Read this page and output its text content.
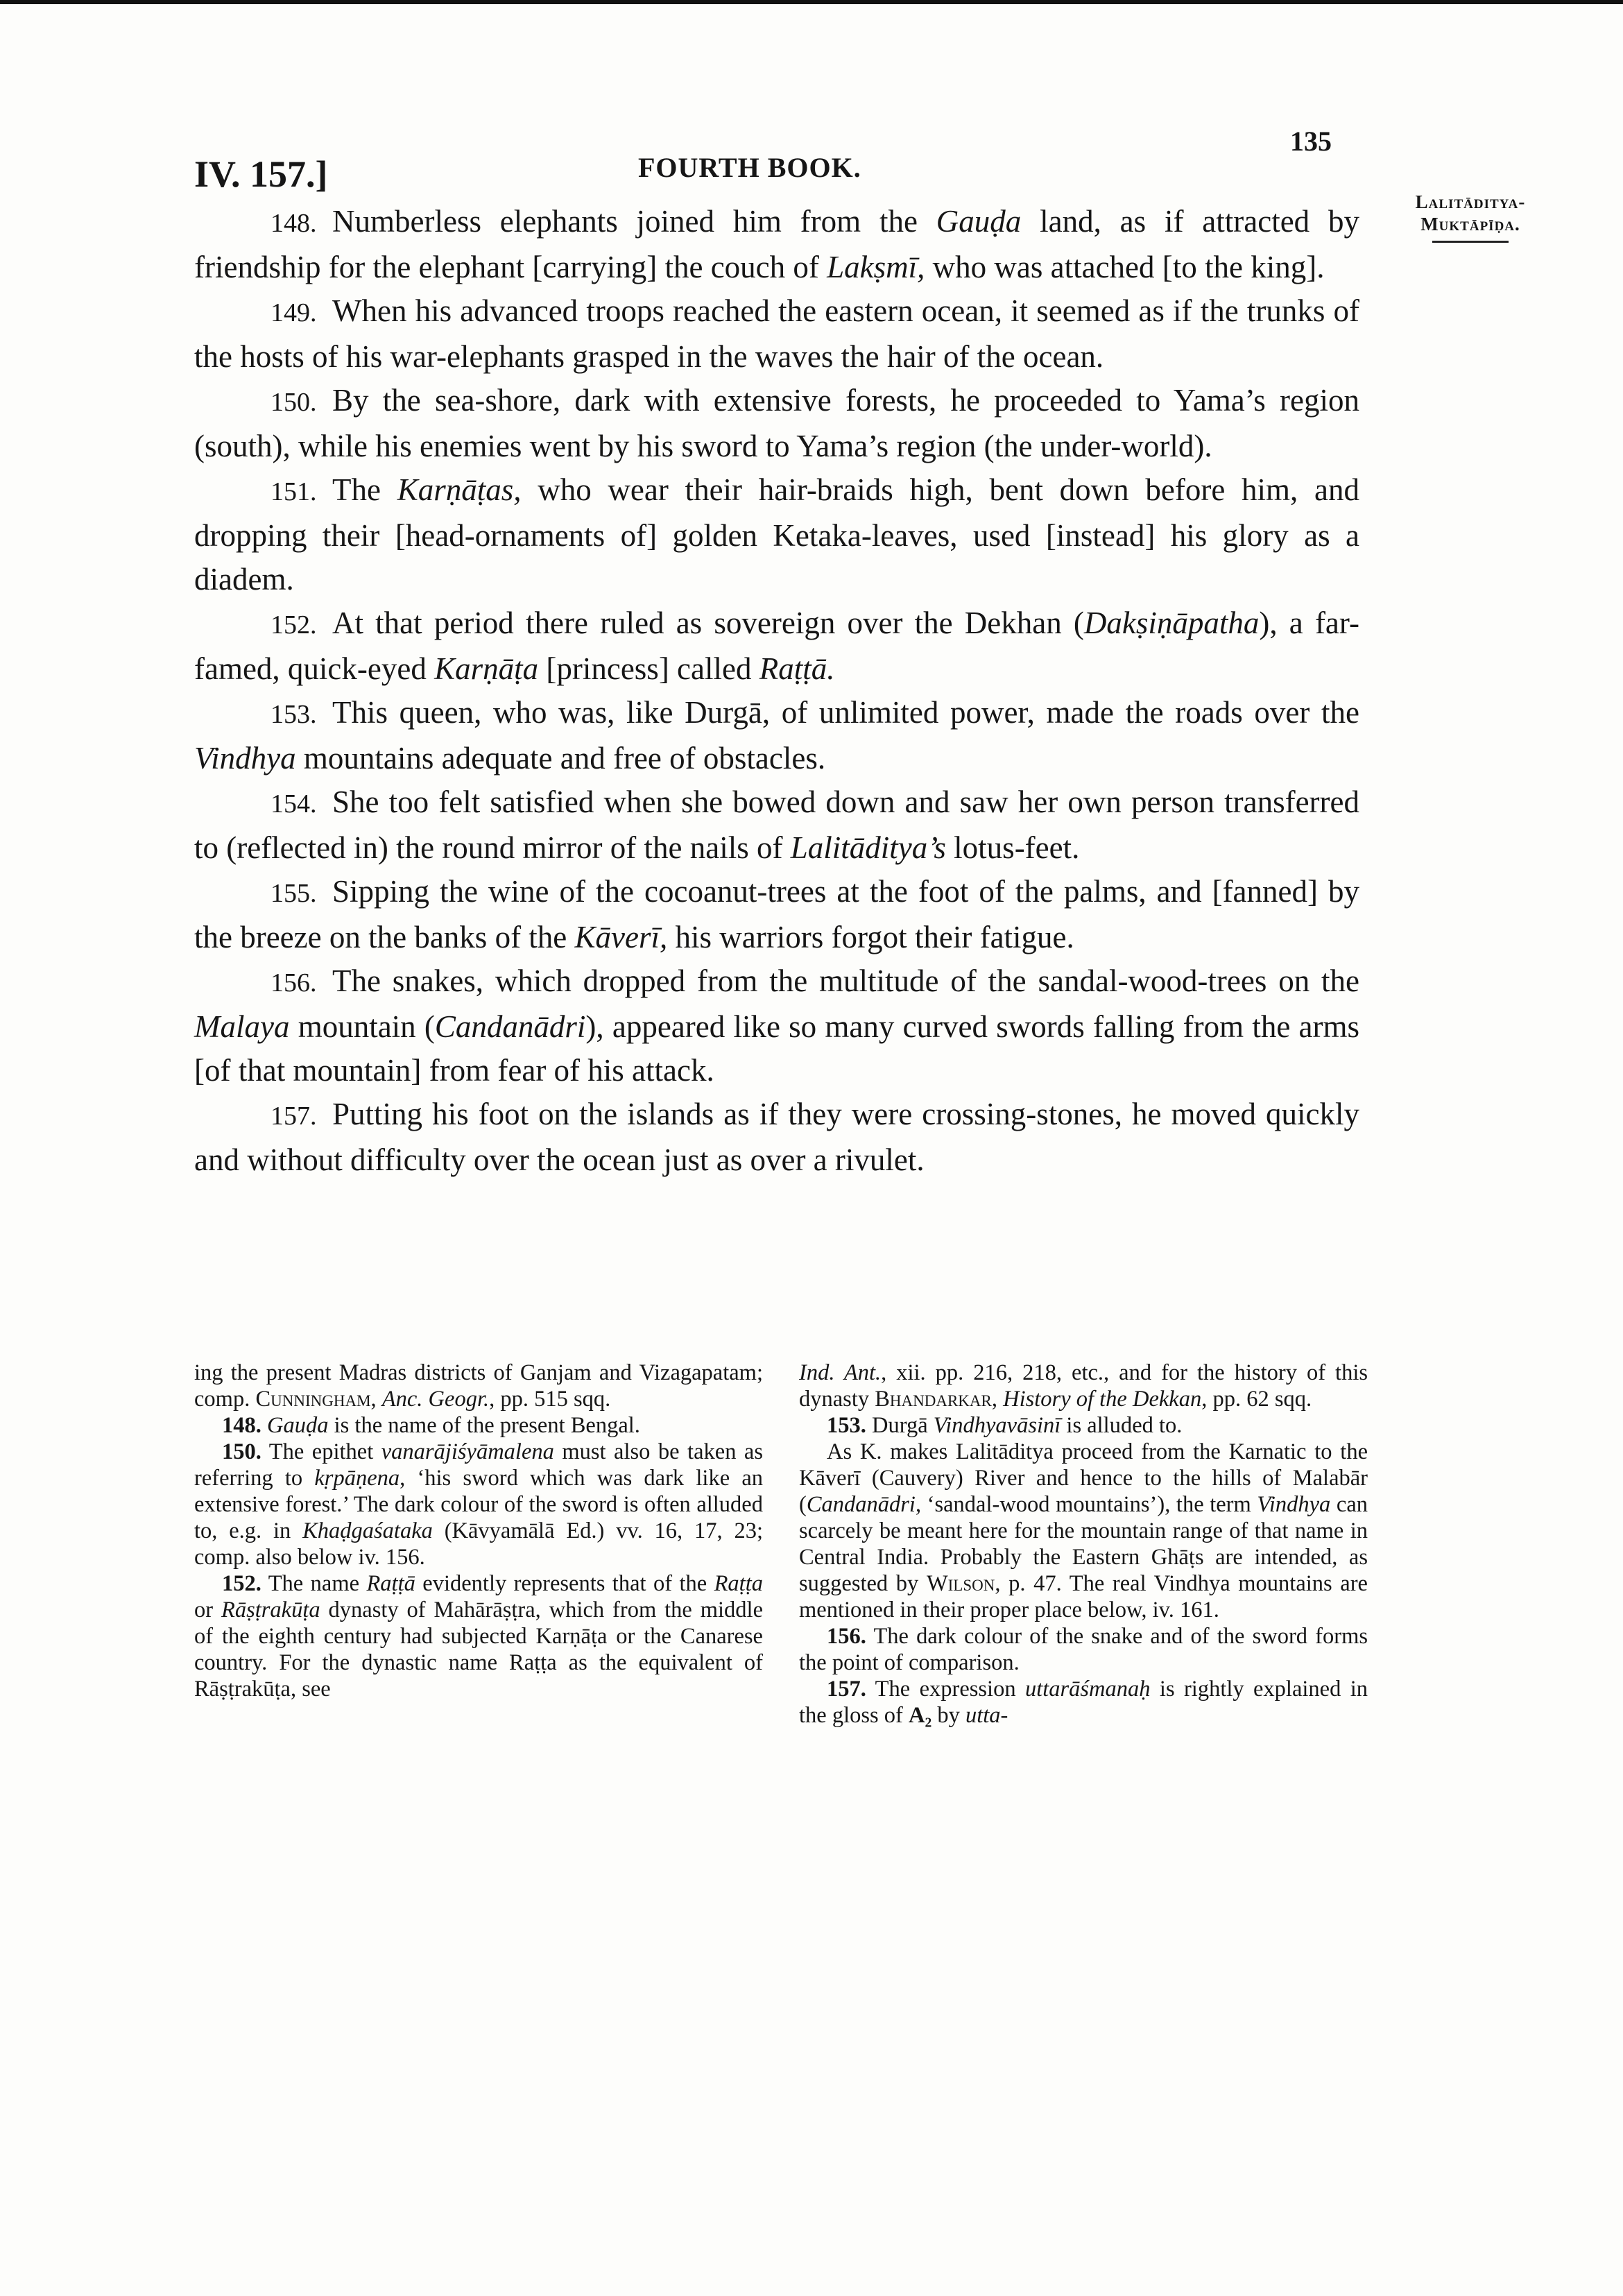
IV. 157.]	FOURTH BOOK.
135
Lalitāditya-
Muktāpīḍa.

148.  Numberless elephants joined him from the Gauḍa land, as if attracted by friendship for the elephant [carrying] the couch of Lakṣmī, who was attached [to the king].

149.  When his advanced troops reached the eastern ocean, it seemed as if the trunks of the hosts of his war-elephants grasped in the waves the hair of the ocean.

150.  By the sea-shore, dark with extensive forests, he proceeded to Yama’s region (south), while his enemies went by his sword to Yama’s region (the under-world).

151.  The Karṇāṭas, who wear their hair-braids high, bent down before him, and dropping their [head-ornaments of] golden Ketaka-leaves, used [instead] his glory as a diadem.

152.  At that period there ruled as sovereign over the Dekhan (Dakṣiṇāpatha), a far-famed, quick-eyed Karṇāṭa [princess] called Raṭṭā.

153.  This queen, who was, like Durgā, of unlimited power, made the roads over the Vindhya mountains adequate and free of obstacles.

154.  She too felt satisfied when she bowed down and saw her own person transferred to (reflected in) the round mirror of the nails of Lalitāditya’s lotus-feet.

155.  Sipping the wine of the cocoanut-trees at the foot of the palms, and [fanned] by the breeze on the banks of the Kāverī, his warriors forgot their fatigue.

156.  The snakes, which dropped from the multitude of the sandal-wood-trees on the Malaya mountain (Candanādri), appeared like so many curved swords falling from the arms [of that mountain] from fear of his attack.

157.  Putting his foot on the islands as if they were crossing-stones, he moved quickly and without difficulty over the ocean just as over a rivulet.

ing the present Madras districts of Ganjam and Vizagapatam; comp. Cunningham, Anc. Geogr., pp. 515 sqq.

148. Gauḍa is the name of the present Bengal.

150. The epithet vanarājiśyāmalena must also be taken as referring to kṛpāṇena, ‘his sword which was dark like an extensive forest.’ The dark colour of the sword is often alluded to, e.g. in Khaḍgaśataka (Kāvyamālā Ed.) vv. 16, 17, 23; comp. also below iv. 156.

152. The name Raṭṭā evidently represents that of the Raṭṭa or Rāṣṭrakūṭa dynasty of Mahārāṣṭra, which from the middle of the eighth century had subjected Karṇāṭa or the Canarese country. For the dynastic name Raṭṭa as the equivalent of Rāṣṭrakūṭa, see

Ind. Ant., xii. pp. 216, 218, etc., and for the history of this dynasty Bhandarkar, History of the Dekkan, pp. 62 sqq.

153. Durgā Vindhyavāsinī is alluded to.

As K. makes Lalitāditya proceed from the Karnatic to the Kāverī (Cauvery) River and hence to the hills of Malabār (Candanādri, ‘sandal-wood mountains’), the term Vindhya can scarcely be meant here for the mountain range of that name in Central India. Probably the Eastern Ghāṭs are intended, as suggested by Wilson, p. 47. The real Vindhya mountains are mentioned in their proper place below, iv. 161.

156. The dark colour of the snake and of the sword forms the point of comparison.

157. The expression uttarāśmanaḥ is rightly explained in the gloss of A₂ by utta-
